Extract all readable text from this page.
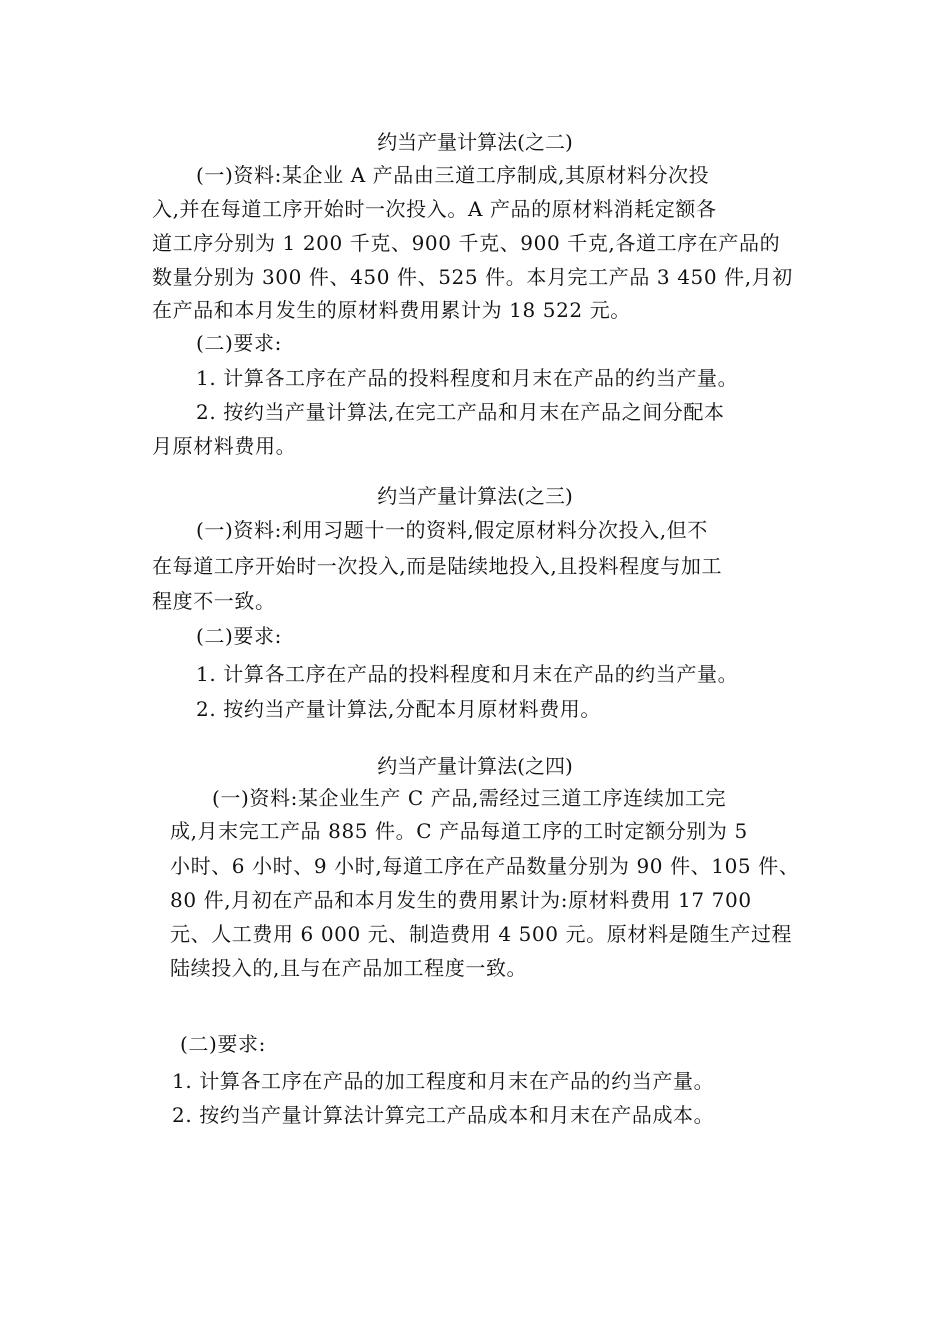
约当产量计算法(之二)
(一)资料:某企业 A 产品由三道工序制成,其原材料分次投
入,并在每道工序开始时一次投入。A 产品的原材料消耗定额各
道工序分别为 1 200 千克、900 千克、900 千克,各道工序在产品的
数量分别为 300 件、450 件、525 件。本月完工产品 3 450 件,月初
在产品和本月发生的原材料费用累计为 18 522 元。
(二)要求:
1. 计算各工序在产品的投料程度和月末在产品的约当产量。
2. 按约当产量计算法,在完工产品和月末在产品之间分配本
月原材料费用。
约当产量计算法(之三)
(一)资料:利用习题十一的资料,假定原材料分次投入,但不
在每道工序开始时一次投入,而是陆续地投入,且投料程度与加工
程度不一致。
(二)要求:
1. 计算各工序在产品的投料程度和月末在产品的约当产量。
2. 按约当产量计算法,分配本月原材料费用。
约当产量计算法(之四)
(一)资料:某企业生产 C 产品,需经过三道工序连续加工完
成,月末完工产品 885 件。C 产品每道工序的工时定额分别为 5
小时、6 小时、9 小时,每道工序在产品数量分别为 90 件、105 件、
80 件,月初在产品和本月发生的费用累计为:原材料费用 17 700
元、人工费用 6 000 元、制造费用 4 500 元。原材料是随生产过程
陆续投入的,且与在产品加工程度一致。
(二)要求:
1. 计算各工序在产品的加工程度和月末在产品的约当产量。
2. 按约当产量计算法计算完工产品成本和月末在产品成本。
